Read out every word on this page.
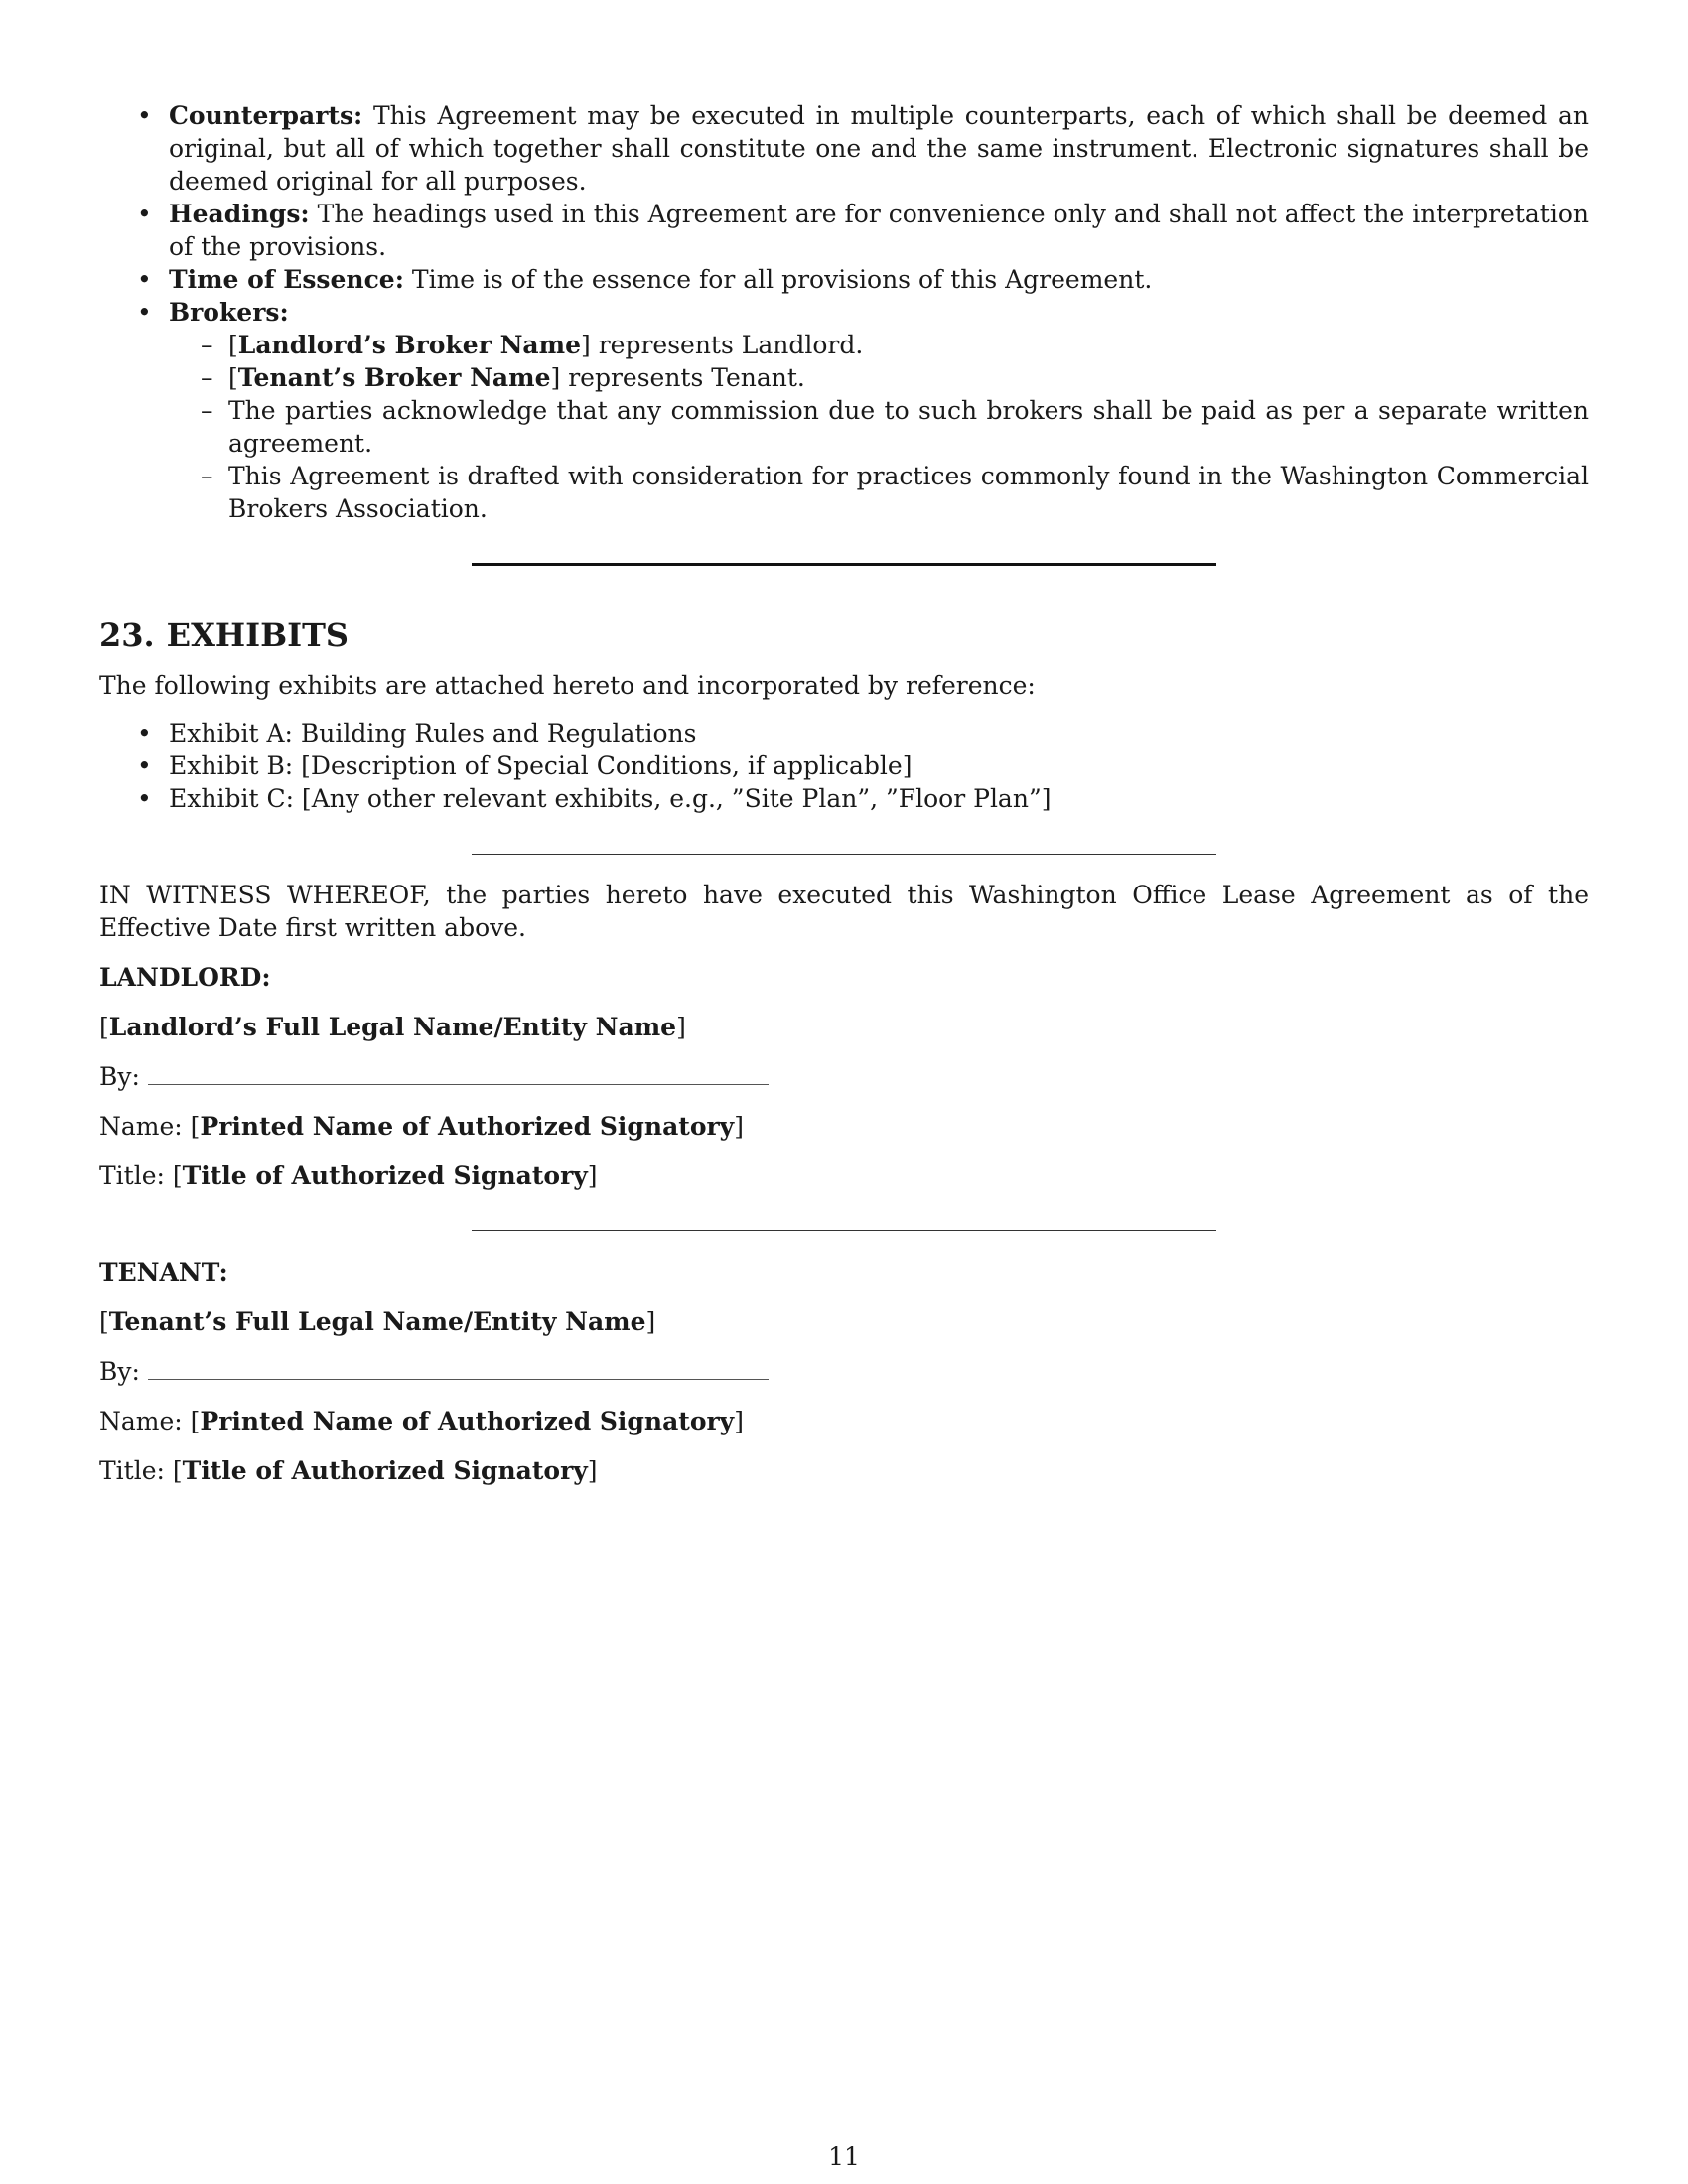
• Counterparts: This Agreement may be executed in multiple counterparts, each of which shall be deemed an original, but all of which together shall constitute one and the same instrument. Electronic signatures shall be deemed original for all purposes.
• Headings: The headings used in this Agreement are for convenience only and shall not affect the interpretation of the provisions.
• Time of Essence: Time is of the essence for all provisions of this Agreement.
• Brokers:
– [Landlord’s Broker Name] represents Landlord.
– [Tenant’s Broker Name] represents Tenant.
– The parties acknowledge that any commission due to such brokers shall be paid as per a separate written agreement.
– This Agreement is drafted with consideration for practices commonly found in the Washington Commercial Brokers Association.
23. EXHIBITS

The following exhibits are attached hereto and incorporated by reference:

• Exhibit A: Building Rules and Regulations
• Exhibit B: [Description of Special Conditions, if applicable]
• Exhibit C: [Any other relevant exhibits, e.g., ”Site Plan”, ”Floor Plan”]

IN WITNESS WHEREOF, the parties hereto have executed this Washington Office Lease Agreement as of the Effective Date first written above.

LANDLORD:
[Landlord’s Full Legal Name/Entity Name]
By:
Name: [Printed Name of Authorized Signatory]
Title: [Title of Authorized Signatory]
TENANT:
[Tenant’s Full Legal Name/Entity Name]
By:
Name: [Printed Name of Authorized Signatory]
Title: [Title of Authorized Signatory]
11
